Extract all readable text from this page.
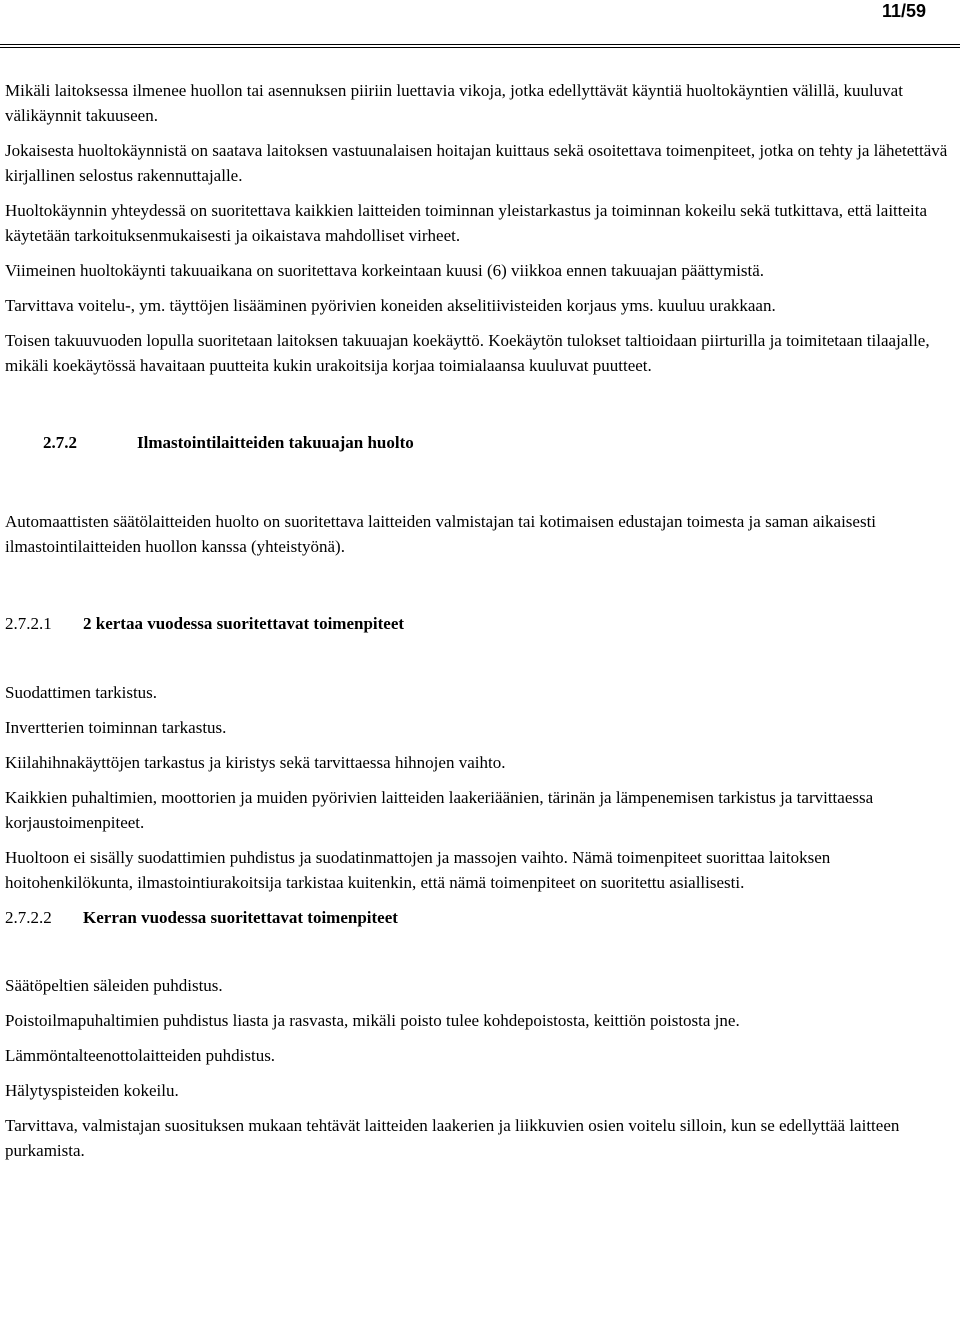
11/59

Mikäli laitoksessa ilmenee huollon tai asennuksen piiriin luettavia vikoja, jotka edellyttävät käyntiä huoltokäyntien välillä, kuuluvat välikäynnit takuuseen.

Jokaisesta huoltokäynnistä on saatava laitoksen vastuunalaisen hoitajan kuittaus sekä osoitettava toimenpiteet, jotka on tehty ja lähetettävä kirjallinen selostus rakennuttajalle.

Huoltokäynnin yhteydessä on suoritettava kaikkien laitteiden toiminnan yleistarkastus ja toiminnan kokeilu sekä tutkittava, että laitteita käytetään tarkoituksenmukaisesti ja oikaistava mahdolliset virheet.

Viimeinen huoltokäynti takuuaikana on suoritettava korkeintaan kuusi (6) viikkoa ennen takuuajan päättymistä.

Tarvittava voitelu-, ym. täyttöjen lisääminen pyörivien koneiden akselitiivisteiden korjaus yms. kuuluu urakkaan.

Toisen takuuvuoden lopulla suoritetaan laitoksen takuuajan koekäyttö. Koekäytön tulokset taltioidaan piirturilla ja toimitetaan tilaajalle, mikäli koekäytössä havaitaan puutteita kukin urakoitsija korjaa toimialaansa kuuluvat puutteet.

2.7.2	Ilmastointilaitteiden takuuajan huolto

Automaattisten säätölaitteiden huolto on suoritettava laitteiden valmistajan tai kotimaisen edustajan toimesta ja saman aikaisesti ilmastointilaitteiden huollon kanssa (yhteistyönä).

2.7.2.1	2 kertaa vuodessa suoritettavat toimenpiteet

Suodattimen tarkistus.

Invertterien toiminnan tarkastus.

Kiilahihnakäyttöjen tarkastus ja kiristys sekä tarvittaessa hihnojen vaihto.

Kaikkien puhaltimien, moottorien ja muiden pyörivien laitteiden laakeriäänien, tärinän ja lämpenemisen tarkistus ja tarvittaessa korjaustoimenpiteet.

Huoltoon ei sisälly suodattimien puhdistus ja suodatinmattojen ja massojen vaihto. Nämä toimenpiteet suorittaa laitoksen hoitohenkilökunta, ilmastointiurakoitsija tarkistaa kuitenkin, että nämä toimenpiteet on suoritettu asiallisesti.

2.7.2.2	Kerran vuodessa suoritettavat toimenpiteet

Säätöpeltien säleiden puhdistus.

Poistoilmapuhaltimien puhdistus liasta ja rasvasta, mikäli poisto tulee kohdepoistosta, keittiön poistosta jne.

Lämmöntalteenottolaitteiden puhdistus.

Hälytyspisteiden kokeilu.

Tarvittava, valmistajan suosituksen mukaan tehtävät laitteiden laakerien ja liikkuvien osien voitelu silloin, kun se edellyttää laitteen purkamista.
